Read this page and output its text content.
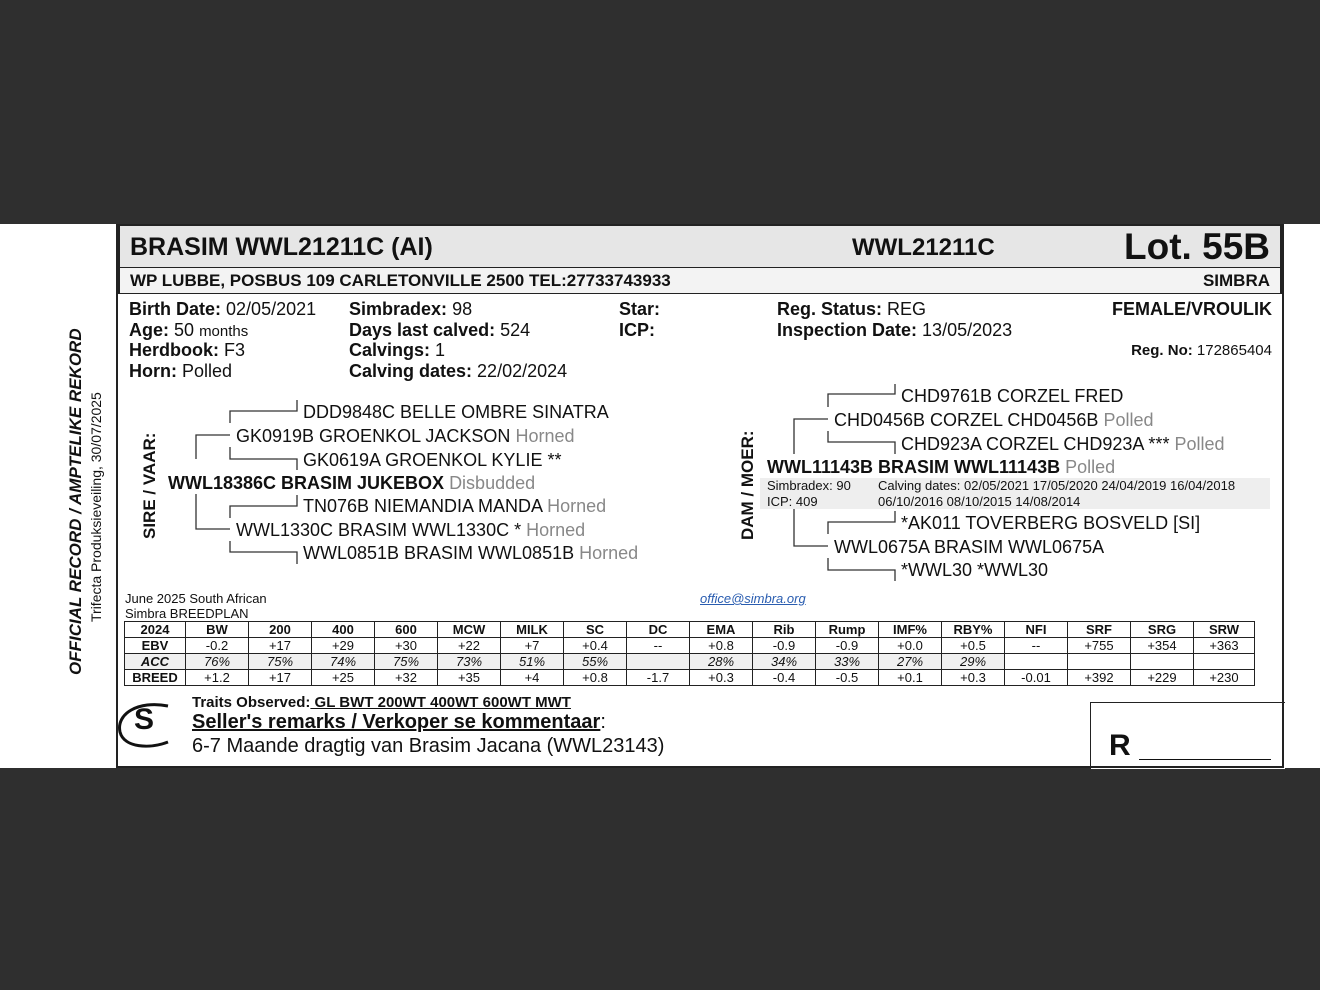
OFFICIAL RECORD / AMPTELIKE REKORD Trifecta Produksieveiling, 30/07/2025
BRASIM WWL21211C (AI)	WWL21211C	Lot. 55B
WP LUBBE, POSBUS 109 CARLETONVILLE 2500 TEL:27733743933	SIMBRA
Birth Date: 02/05/2021
Age: 50 months
Herdbook: F3
Horn: Polled
Simbradex: 98
Days last calved: 524
Calvings: 1
Calving dates: 22/02/2024
Star:
ICP:
Reg. Status: REG
Inspection Date: 13/05/2023
FEMALE/VROULIK
Reg. No: 172865404
SIRE / VAAR:
DDD9848C BELLE OMBRE SINATRA
GK0919B GROENKOL JACKSON Horned
GK0619A GROENKOL KYLIE **
WWL18386C BRASIM JUKEBOX Disbudded
TN076B NIEMANDIA MANDA Horned
WWL1330C BRASIM WWL1330C * Horned
WWL0851B BRASIM WWL0851B Horned
DAM / MOER:
CHD9761B CORZEL FRED
CHD0456B CORZEL CHD0456B Polled
CHD923A CORZEL CHD923A *** Polled
WWL11143B BRASIM WWL11143B Polled
Simbradex: 90
ICP: 409
Calving dates: 02/05/2021 17/05/2020 24/04/2019 16/04/2018
06/10/2016 08/10/2015 14/08/2014
*AK011 TOVERBERG BOSVELD [SI]
WWL0675A BRASIM WWL0675A
*WWL30 *WWL30
June 2025 South African
Simbra BREEDPLAN
office@simbra.org
2024	BW	200	400	600	MCW	MILK	SC	DC	EMA	Rib	Rump	IMF%	RBY%	NFI	SRF	SRG	SRW
EBV	-0.2	+17	+29	+30	+22	+7	+0.4	--	+0.8	-0.9	-0.9	+0.0	+0.5	--	+755	+354	+363
ACC	76%	75%	74%	75%	73%	51%	55%		28%	34%	33%	27%	29%				
BREED	+1.2	+17	+25	+32	+35	+4	+0.8	-1.7	+0.3	-0.4	-0.5	+0.1	+0.3	-0.01	+392	+229	+230
S
Traits Observed: GL BWT 200WT 400WT 600WT MWT
Seller's remarks / Verkoper se kommentaar:
6-7 Maande dragtig van Brasim Jacana (WWL23143)	R
